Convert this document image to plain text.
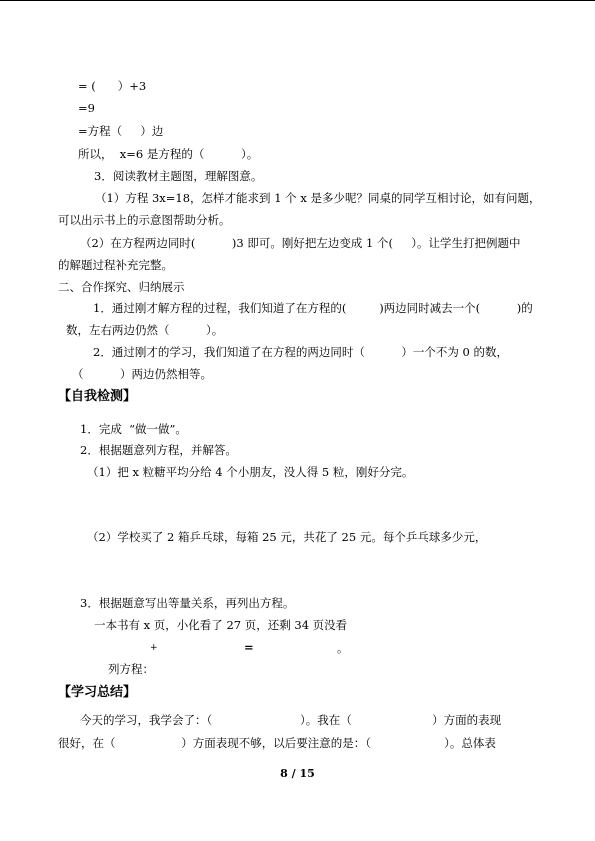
= (      ）+3
=9
=方程（     ）边
所以，  x=6 是方程的（          ）。
3．阅读教材主题图，理解图意。
（1）方程 3x=18，怎样才能求到 1 个 x 是多少呢？同桌的同学互相讨论，如有问题，
可以出示书上的示意图帮助分析。
（2）在方程两边同时(          )3 即可。刚好把左边变成 1 个(     ）。让学生打把例题中
的解题过程补充完整。
二、合作探究、归纳展示
1．通过刚才解方程的过程，我们知道了在方程的(         )两边同时减去一个(          )的
数，左右两边仍然（          ）。
2．通过刚才的学习，我们知道了在方程的两边同时（          ）一个不为 0 的数，
（          ）两边仍然相等。
【自我检测】
1．完成  “做一做”。
2．根据题意列方程，并解答。
（1）把 x 粒糖平均分给 4 个小朋友，没人得 5 粒，刚好分完。
（2）学校买了 2 箱乒乓球，每箱 25 元，共花了 25 元。每个乒乓球多少元，
3．根据题意写出等量关系，再列出方程。
一本书有 x 页，小化看了 27 页，还剩 34 页没看
+	=	。
列方程：
【学习总结】
今天的学习，我学会了：（                        ）。我在（                      ）方面的表现
很好，在（                  ）方面表现不够，以后要注意的是：（                    ）。总体表
8 / 15
